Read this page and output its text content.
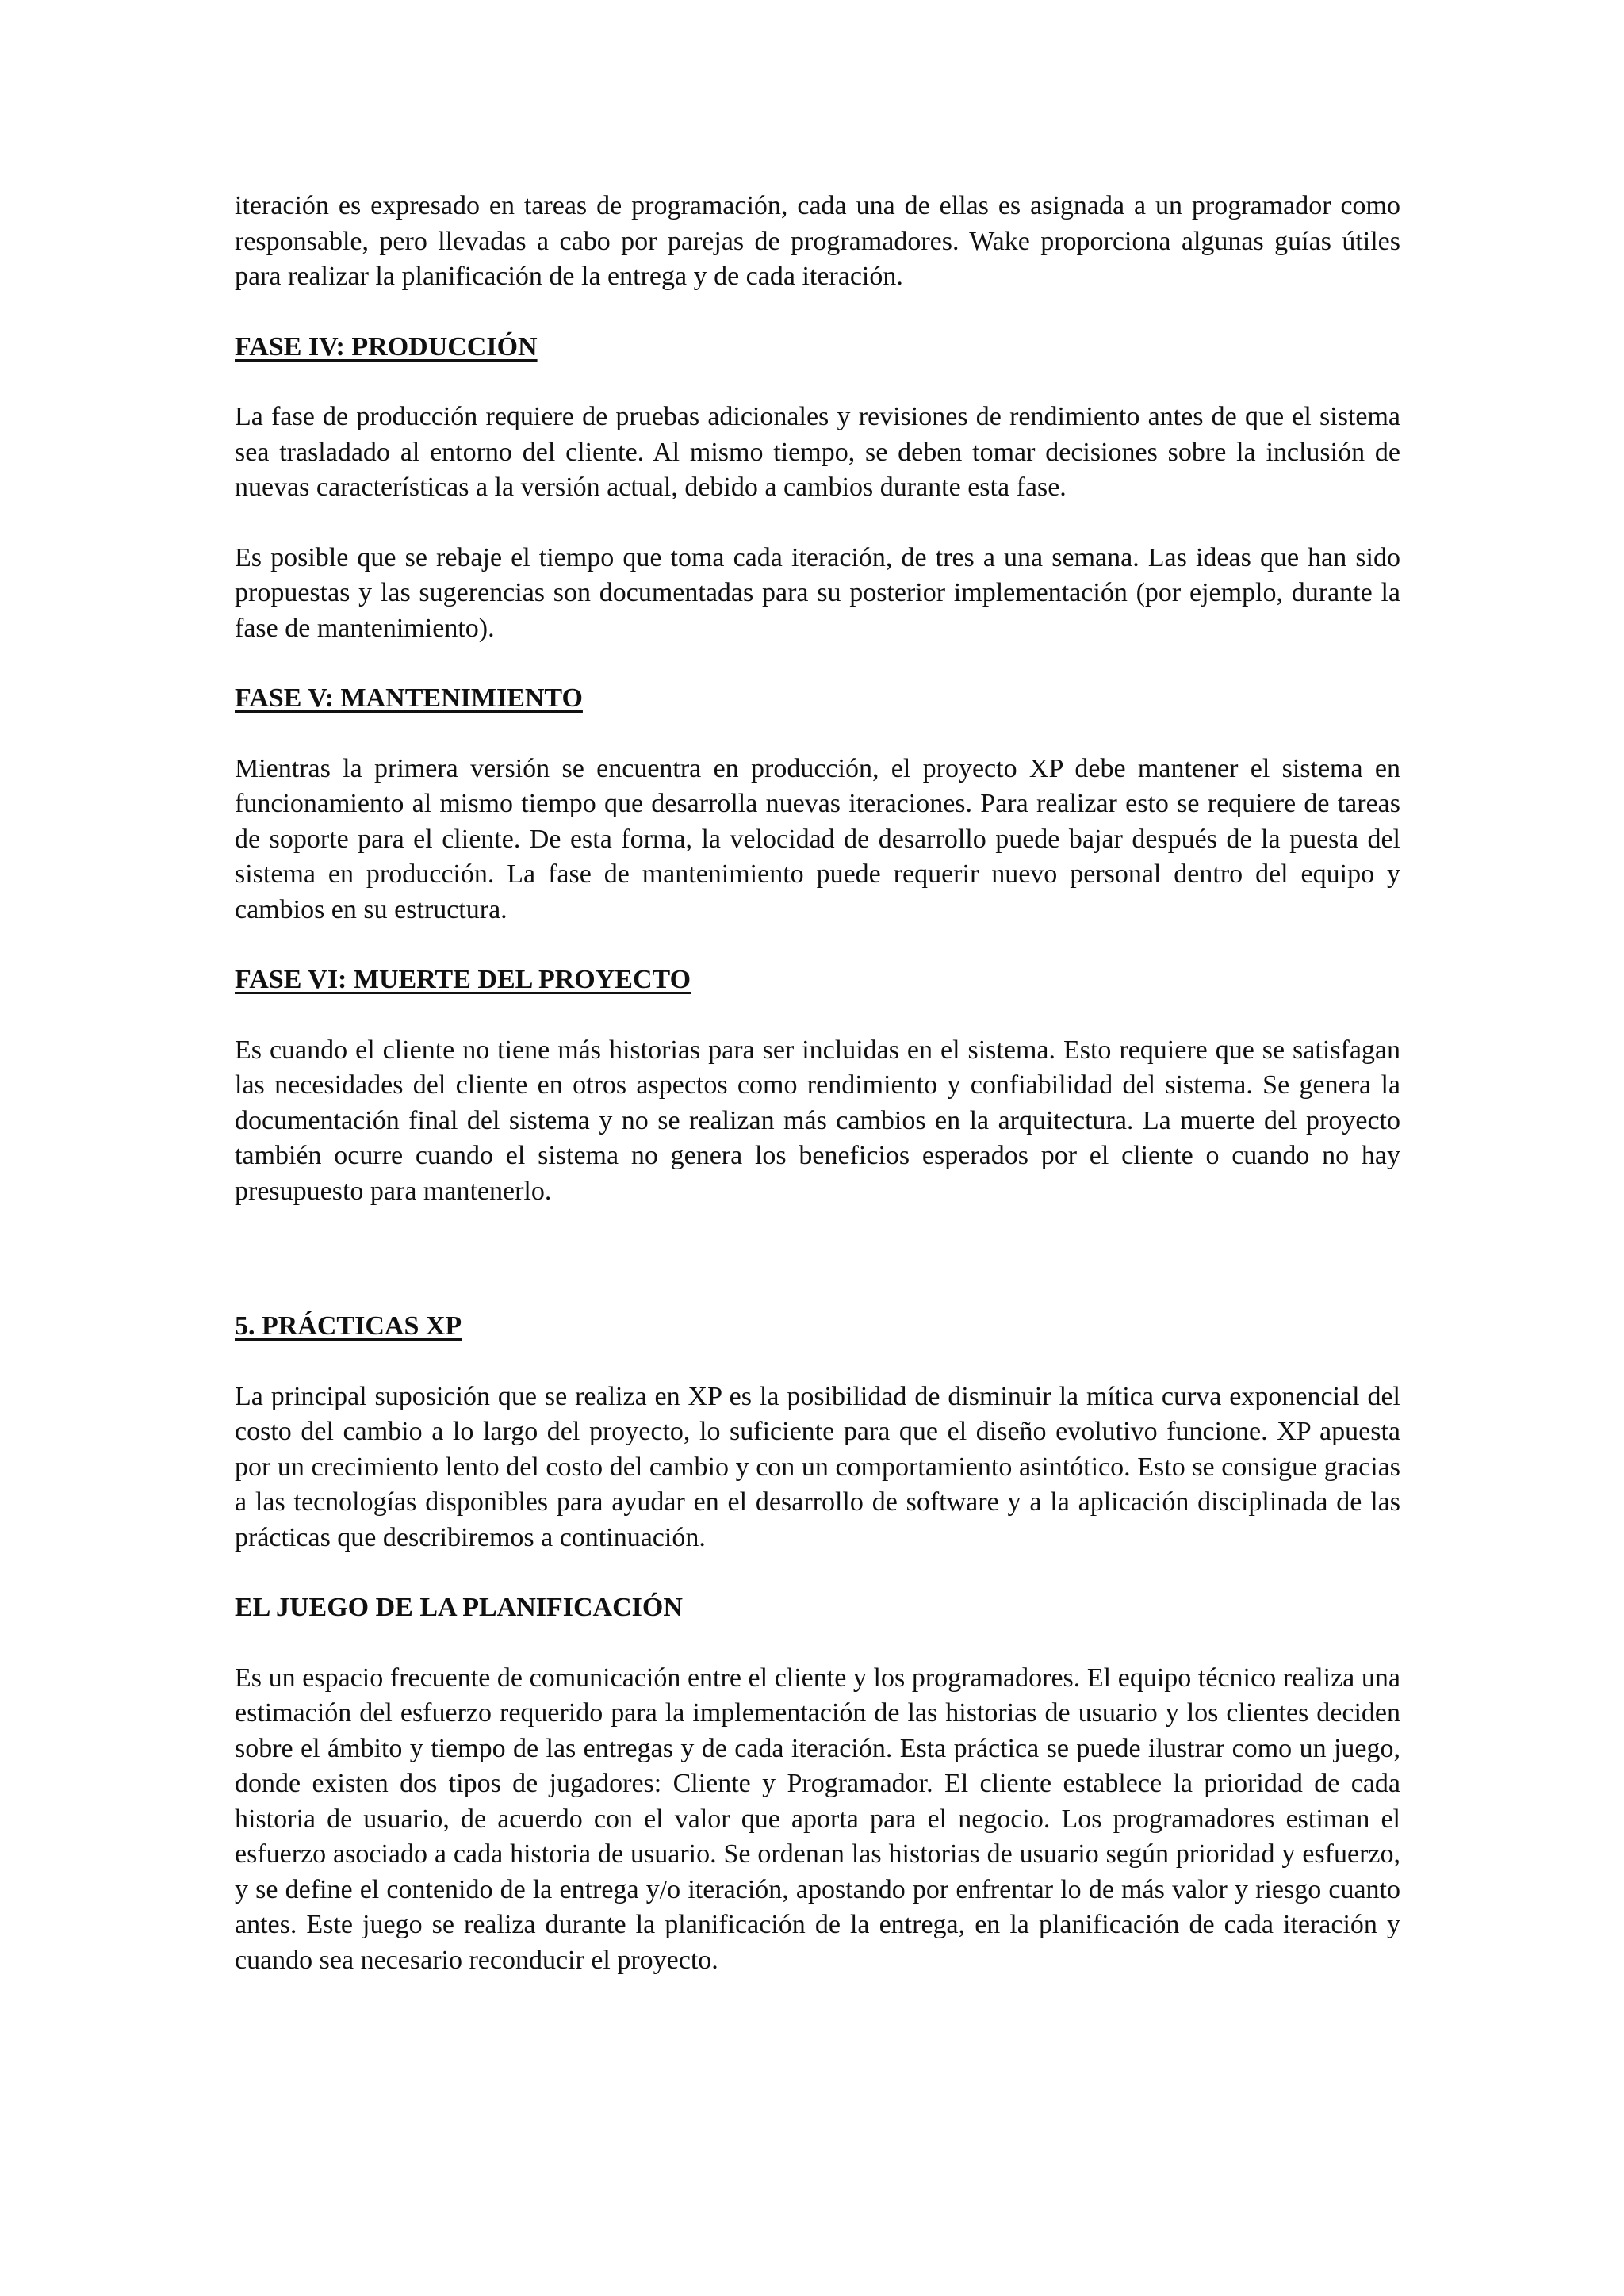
iteración es expresado en tareas de programación, cada una de ellas es asignada a un programador como responsable, pero llevadas a cabo por parejas de programadores. Wake proporciona algunas guías útiles para realizar la planificación de la entrega y de cada iteración.

FASE IV: PRODUCCIÓN

La fase de producción requiere de pruebas adicionales y revisiones de rendimiento antes de que el sistema sea trasladado al entorno del cliente. Al mismo tiempo, se deben tomar decisiones sobre la inclusión de nuevas características a la versión actual, debido a cambios durante esta fase.

Es posible que se rebaje el tiempo que toma cada iteración, de tres a una semana. Las ideas que han sido propuestas y las sugerencias son documentadas para su posterior implementación (por ejemplo, durante la fase de mantenimiento).

FASE V: MANTENIMIENTO

Mientras la primera versión se encuentra en producción, el proyecto XP debe mantener el sistema en funcionamiento al mismo tiempo que desarrolla nuevas iteraciones. Para realizar esto se requiere de tareas de soporte para el cliente. De esta forma, la velocidad de desarrollo puede bajar después de la puesta del sistema en producción. La fase de mantenimiento puede requerir nuevo personal dentro del equipo y cambios en su estructura.

FASE VI: MUERTE DEL PROYECTO

Es cuando el cliente no tiene más historias para ser incluidas en el sistema. Esto requiere que se satisfagan las necesidades del cliente en otros aspectos como rendimiento y confiabilidad del sistema. Se genera la documentación final del sistema y no se realizan más cambios en la arquitectura. La muerte del proyecto también ocurre cuando el sistema no genera los beneficios esperados por el cliente o cuando no hay presupuesto para mantenerlo.

5. PRÁCTICAS XP

La principal suposición que se realiza en XP es la posibilidad de disminuir la mítica curva exponencial del costo del cambio a lo largo del proyecto, lo suficiente para que el diseño evolutivo funcione. XP apuesta por un crecimiento lento del costo del cambio y con un comportamiento asintótico. Esto se consigue gracias a las tecnologías disponibles para ayudar en el desarrollo de software y a la aplicación disciplinada de las prácticas que describiremos a continuación.

EL JUEGO DE LA PLANIFICACIÓN

Es un espacio frecuente de comunicación entre el cliente y los programadores. El equipo técnico realiza una estimación del esfuerzo requerido para la implementación de las historias de usuario y los clientes deciden sobre el ámbito y tiempo de las entregas y de cada iteración. Esta práctica se puede ilustrar como un juego, donde existen dos tipos de jugadores: Cliente y Programador. El cliente establece la prioridad de cada historia de usuario, de acuerdo con el valor que aporta para el negocio. Los programadores estiman el esfuerzo asociado a cada historia de usuario. Se ordenan las historias de usuario según prioridad y esfuerzo, y se define el contenido de la entrega y/o iteración, apostando por enfrentar lo de más valor y riesgo cuanto antes. Este juego se realiza durante la planificación de la entrega, en la planificación de cada iteración y cuando sea necesario reconducir el proyecto.
